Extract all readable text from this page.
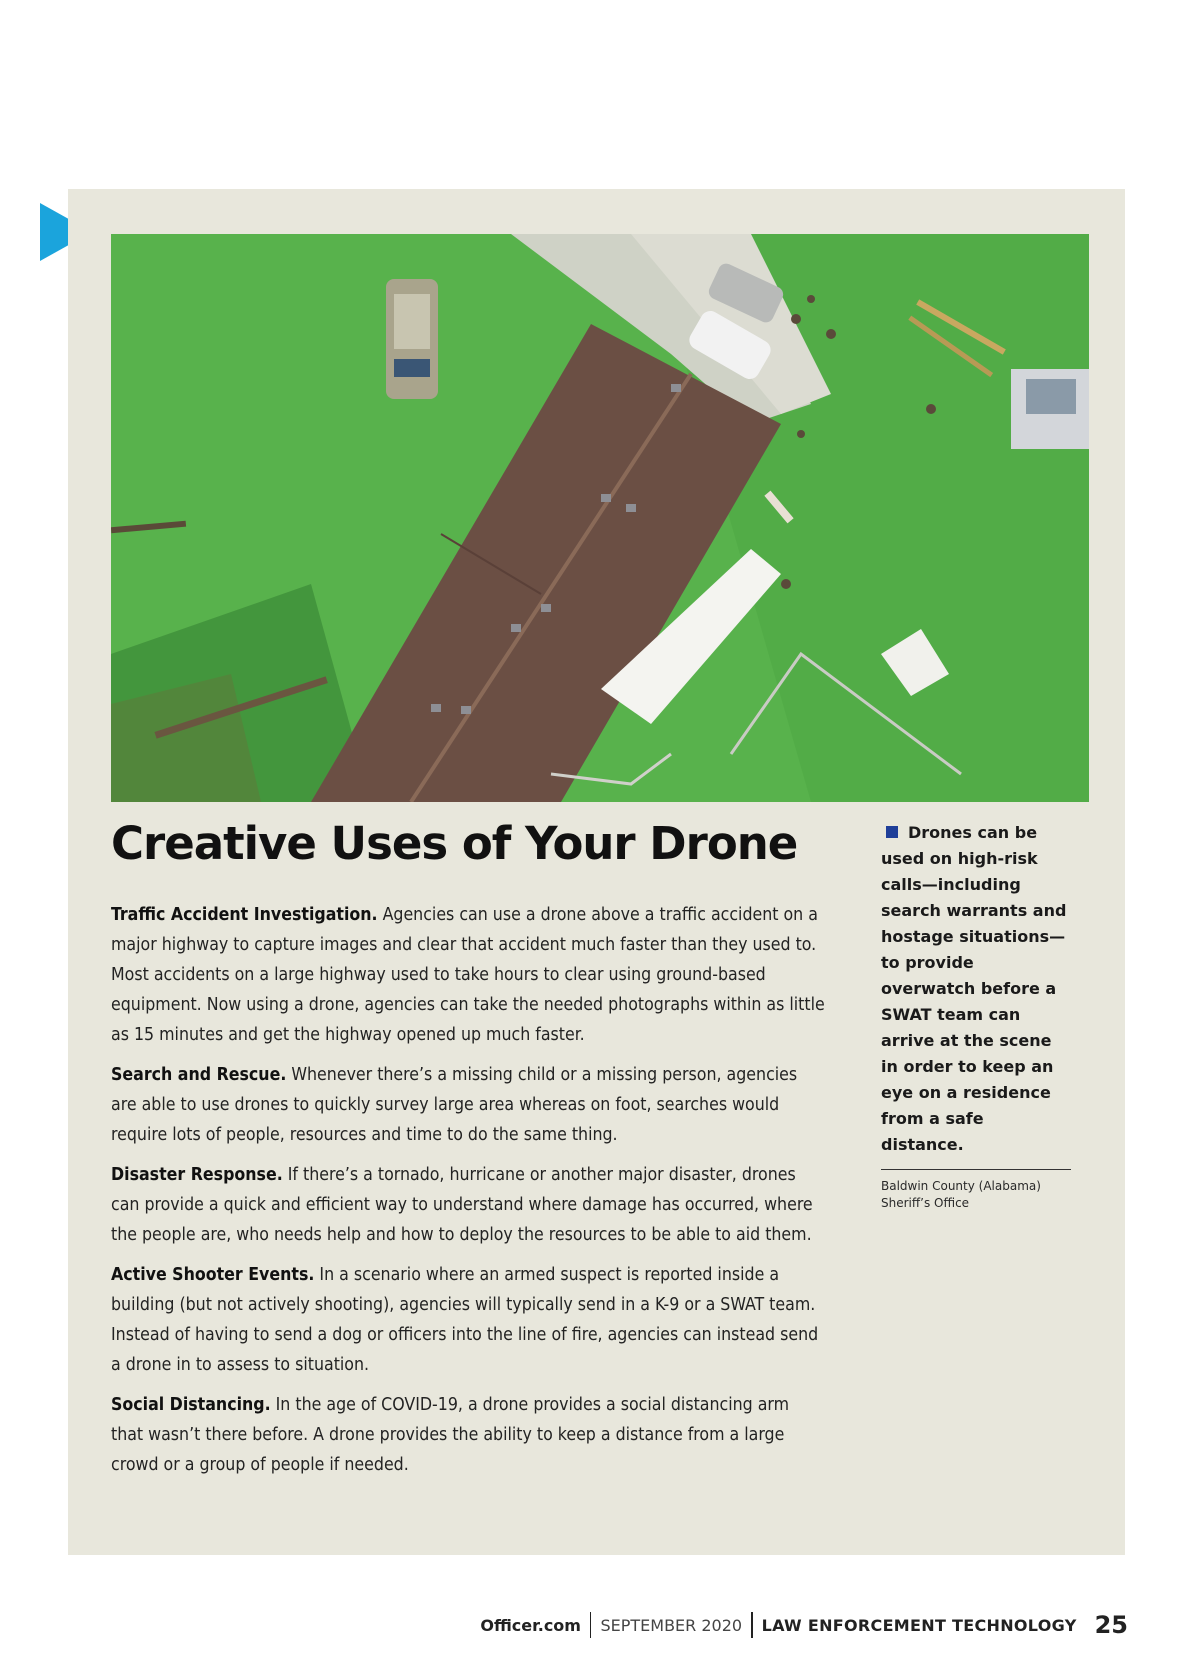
Creative Uses of Your Drone

Traffic Accident Investigation. Agencies can use a drone above a traffic accident on a major highway to capture images and clear that accident much faster than they used to. Most accidents on a large highway used to take hours to clear using ground-based equipment. Now using a drone, agencies can take the needed photographs within as little as 15 minutes and get the highway opened up much faster.

Search and Rescue. Whenever there’s a missing child or a missing person, agencies are able to use drones to quickly survey large area whereas on foot, searches would require lots of people, resources and time to do the same thing.

Disaster Response. If there’s a tornado, hurricane or another major disaster, drones can provide a quick and efficient way to understand where damage has occurred, where the people are, who needs help and how to deploy the resources to be able to aid them.

Active Shooter Events. In a scenario where an armed suspect is reported inside a building (but not actively shooting), agencies will typically send in a K-9 or a SWAT team. Instead of having to send a dog or officers into the line of fire, agencies can instead send a drone in to assess to situation.

Social Distancing. In the age of COVID-19, a drone provides a social distancing arm that wasn’t there before. A drone provides the ability to keep a distance from a large crowd or a group of people if needed.

Drones can be used on high-risk calls—including search warrants and hostage situations—to provide overwatch before a SWAT team can arrive at the scene in order to keep an eye on a residence from a safe distance.

Baldwin County (Alabama) Sheriff’s Office

Officer.com SEPTEMBER 2020 LAW ENFORCEMENT TECHNOLOGY 25
